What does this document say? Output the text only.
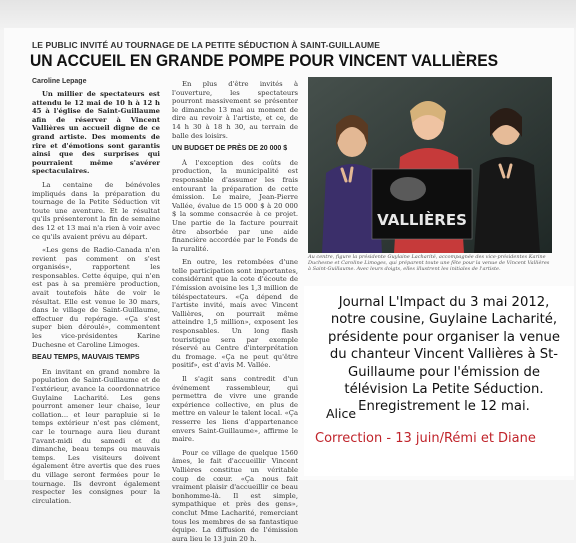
LE PUBLIC INVITÉ AU TOURNAGE DE LA PETITE SÉDUCTION À SAINT-GUILLAUME
UN ACCUEIL EN GRANDE POMPE POUR VINCENT VALLIÈRES
Caroline Lepage

Un millier de spectateurs est attendu le 12 mai de 10 h à 12 h 45 à l'église de Saint-Guillaume afin de réserver à Vincent Vallières un accueil digne de ce grand artiste. Des moments de rire et d'émotions sont garantis ainsi que des surprises qui pourraient même s'avérer spectaculaires.

La centaine de bénévoles impliqués dans la préparation du tournage de la Petite Séduction vit toute une aventure. Et le résultat qu'ils présenteront la fin de semaine des 12 et 13 mai n'a rien à voir avec ce qu'ils avaient prévu au départ.

«Les gens de Radio-Canada n'en revient pas comment on s'est organisés», rapportent les responsables. Cette équipe, qui n'en est pas à sa première production, avait toutefois hâte de voir le résultat. Elle est venue le 30 mars, dans le village de Saint-Guillaume, effectuer du repérage. «Ça s'est super bien déroulé», commentent les vice-présidentes Karine Duchesne et Caroline Limoges.

BEAU TEMPS, MAUVAIS TEMPS

En invitant en grand nombre la population de Saint-Guillaume et de l'extérieur, avance la coordonnatrice Guylaine Lacharité. Les gens pourront amener leur chaise, leur collation... et leur parapluie si le temps extérieur n'est pas clément, car le tournage aura lieu durant l'avant-midi du samedi et du dimanche, beau temps ou mauvais temps. Les visiteurs doivent également être avertis que des rues du village seront fermées pour le tournage. Ils devront également respecter les consignes pour la circulation.

En plus d'être invités à l'ouverture, les spectateurs pourront massivement se présenter le dimanche 13 mai au moment de dire au revoir à l'artiste, et ce, de 14 h 30 à 18 h 30, au terrain de balle des loisirs.

UN BUDGET DE PRÈS DE 20 000 $

À l'exception des coûts de production, la municipalité est responsable d'assumer les frais entourant la préparation de cette émission. Le maire, Jean-Pierre Vallée, évalue de 15 000 $ à 20 000 $ la somme consacrée à ce projet. Une partie de la facture pourrait être absorbée par une aide financière accordée par le Fonds de la ruralité.

En outre, les retombées d'une telle participation sont importantes, considérant que la cote d'écoute de l'émission avoisine les 1,3 million de téléspectateurs. «Ça dépend de l'artiste invité, mais avec Vincent Vallières, on pourrait même atteindre 1,5 million», exposent les responsables. Un long flash touristique sera par exemple réservé au Centre d'interprétation du fromage. «Ça ne peut qu'être positif», est d'avis M. Vallée.

Il s'agit sans contredit d'un événement rassembleur, qui permettra de vivre une grande expérience collective, en plus de mettre en valeur le talent local. «Ça resserre les liens d'appartenance envers Saint-Guillaume», affirme le maire.

Pour ce village de quelque 1560 âmes, le fait d'accueillir Vincent Vallières constitue un véritable coup de cœur. «Ça nous fait vraiment plaisir d'accueillir ce beau bonhomme-là. Il est simple, sympathique et près des gens», conclut Mme Lacharité, remerciant tous les membres de sa fantastique équipe. La diffusion de l'émission aura lieu le 13 juin 20 h.

VALLIÈRES
Au centre, figure la présidente Guylaine Lacharité, accompagnée des vice-présidentes Karine Duchesne et Caroline Limoges, qui préparent toute une fête pour la venue de Vincent Vallières à Saint-Guillaume. Avec leurs doigts, elles illustrent les initiales de l'artiste.
Journal L'Impact du 3 mai 2012, notre cousine, Guylaine Lacharité, présidente pour organiser la venue du chanteur Vincent Vallières à St-Guillaume pour l'émission de télévision La Petite Séduction. Enregistrement le 12 mai.
Alice
Correction - 13 juin/Rémi et Diane
